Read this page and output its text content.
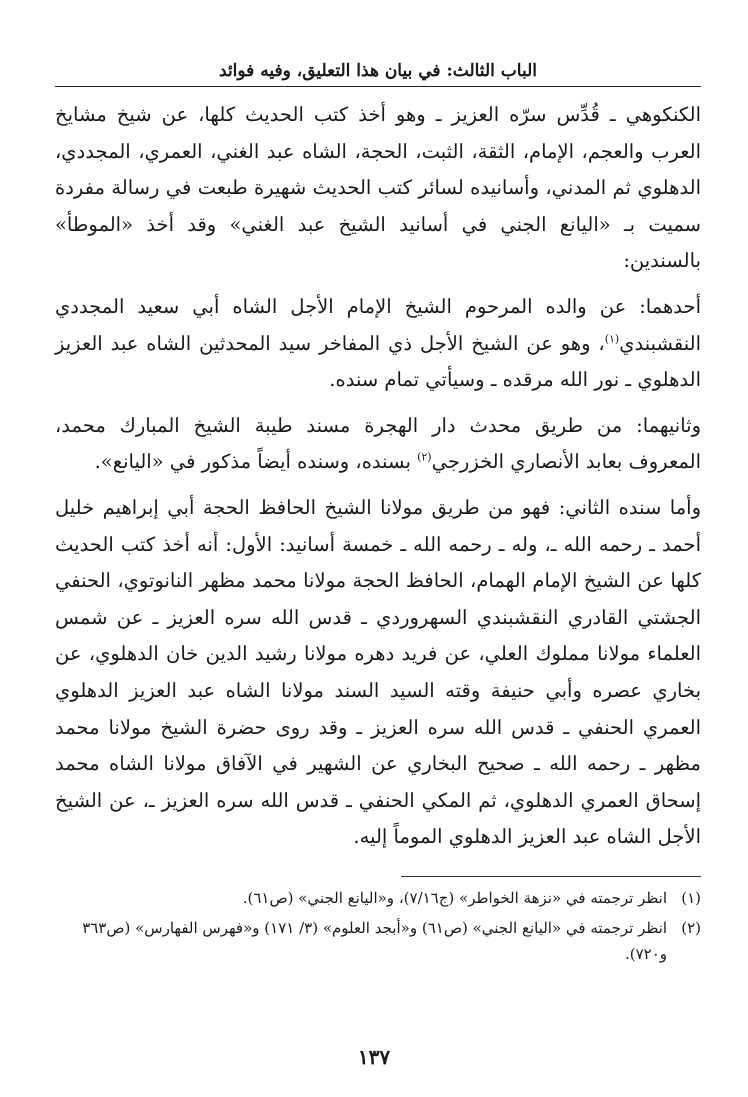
الباب الثالث: في بيان هذا التعليق، وفيه فوائد

الكنكوهي ـ قُدِّس سرّه العزيز ـ وهو أخذ كتب الحديث كلها، عن شيخ مشايخ العرب والعجم، الإمام، الثقة، الثبت، الحجة، الشاه عبد الغني، العمري، المجددي، الدهلوي ثم المدني، وأسانيده لسائر كتب الحديث شهيرة طبعت في رسالة مفردة سميت بـ «اليانع الجني في أسانيد الشيخ عبد الغني» وقد أخذ «الموطأ» بالسندين:

أحدهما: عن والده المرحوم الشيخ الإمام الأجل الشاه أبي سعيد المجددي النقشبندي$^{(١)}$، وهو عن الشيخ الأجل ذي المفاخر سيد المحدثين الشاه عبد العزيز الدهلوي ـ نور الله مرقده ـ وسيأتي تمام سنده.

وثانيهما: من طريق محدث دار الهجرة مسند طيبة الشيخ المبارك محمد، المعروف بعابد الأنصاري الخزرجي$^{(٢)}$ بسنده، وسنده أيضاً مذكور في «اليانع».

وأما سنده الثاني: فهو من طريق مولانا الشيخ الحافظ الحجة أبي إبراهيم خليل أحمد ـ رحمه الله ـ، وله ـ رحمه الله ـ خمسة أسانيد: الأول: أنه أخذ كتب الحديث كلها عن الشيخ الإمام الهمام، الحافظ الحجة مولانا محمد مظهر النانوتوي، الحنفي الجشتي القادري النقشبندي السهروردي ـ قدس الله سره العزيز ـ عن شمس العلماء مولانا مملوك العلي، عن فريد دهره مولانا رشيد الدين خان الدهلوي، عن بخاري عصره وأبي حنيفة وقته السيد السند مولانا الشاه عبد العزيز الدهلوي العمري الحنفي ـ قدس الله سره العزيز ـ وقد روى حضرة الشيخ مولانا محمد مظهر ـ رحمه الله ـ صحيح البخاري عن الشهير في الآفاق مولانا الشاه محمد إسحاق العمري الدهلوي، ثم المكي الحنفي ـ قدس الله سره العزيز ـ، عن الشيخ الأجل الشاه عبد العزيز الدهلوي الموماً إليه.

(١)
انظر ترجمته في «نزهة الخواطر» (ج٧/١٦)، و«اليانع الجني» (ص٦١).
(٢)
انظر ترجمته في «اليانع الجني» (ص٦١) و«أبجد العلوم» (٣/ ١٧١) و«فهرس الفهارس» (ص٣٦٣ و٧٢٠).
١٣٧
